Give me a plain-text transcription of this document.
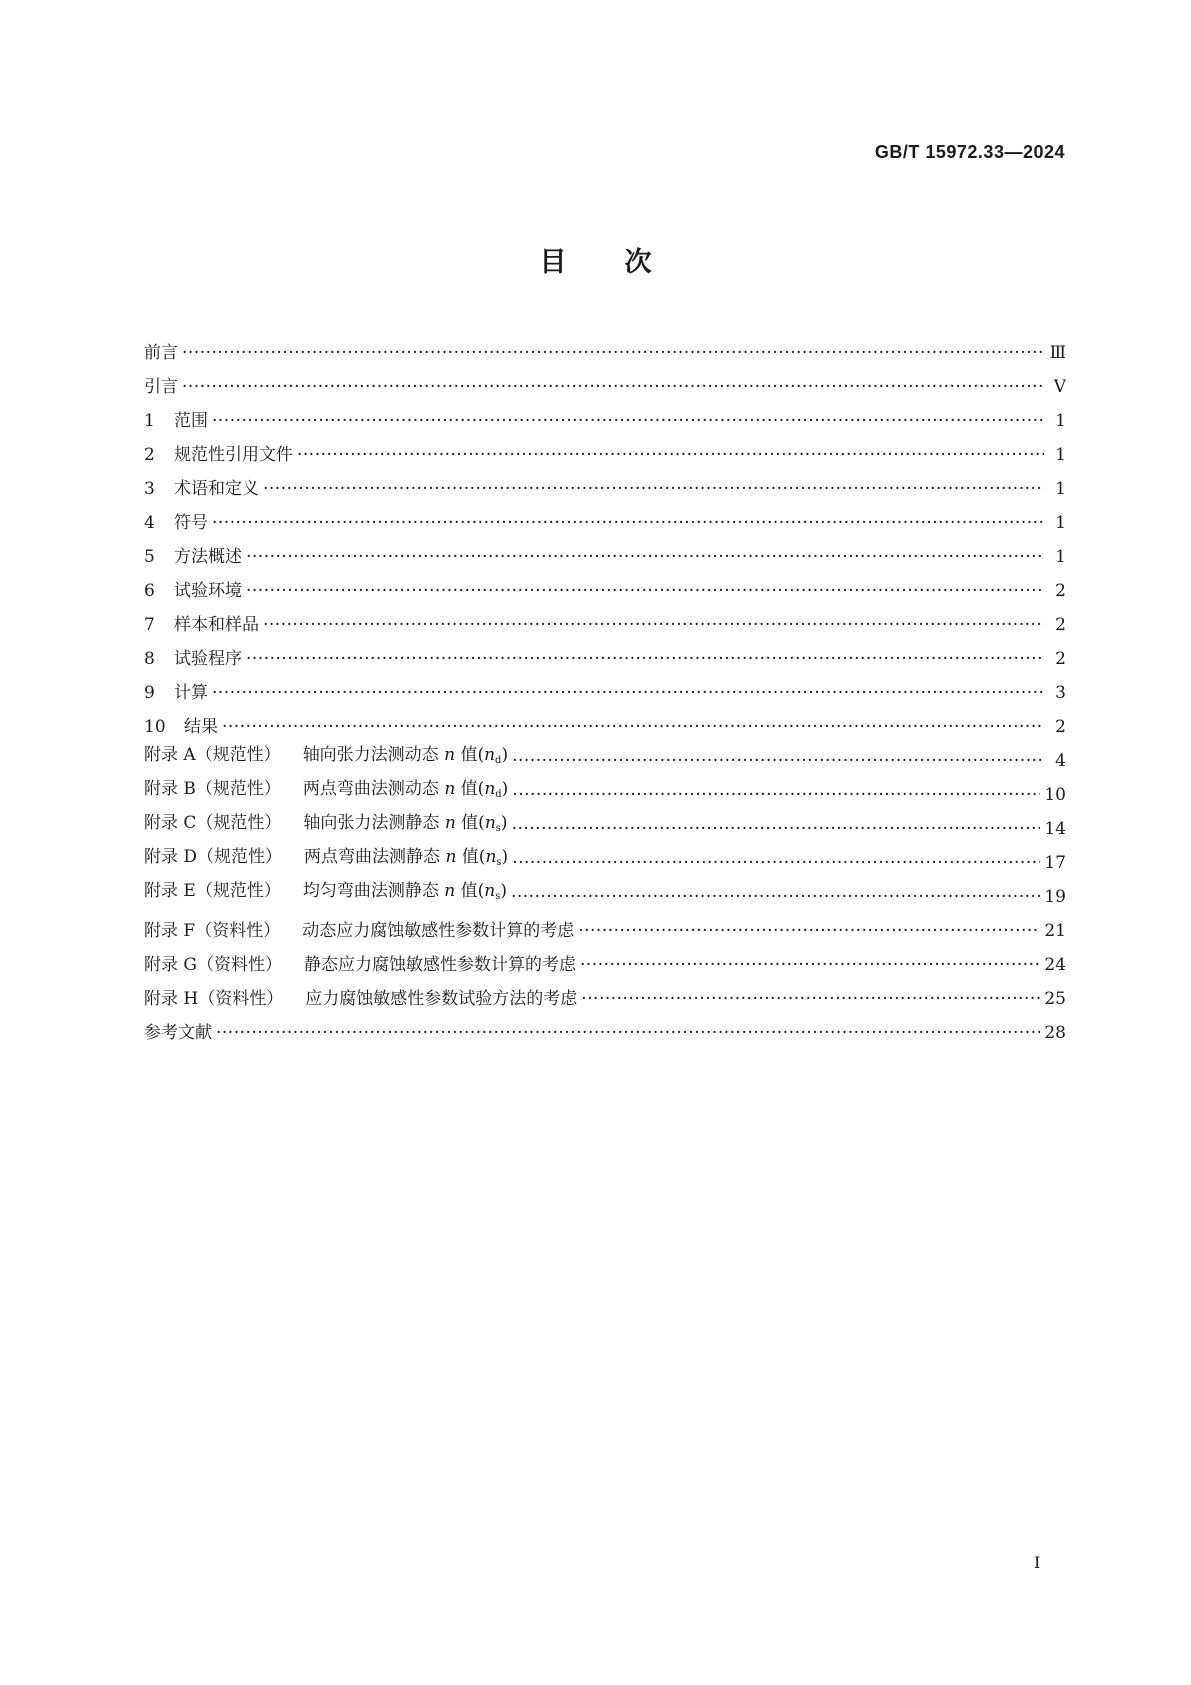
GB/T 15972.33—2024
目次
前言 ·····	Ⅲ
引言 ·····	Ⅴ
1 范围 ·····	1
2 规范性引用文件 ·····	1
3 术语和定义 ·····	1
4 符号 ·····	1
5 方法概述 ·····	1
6 试验环境 ·····	2
7 样本和样品 ·····	2
8 试验程序 ·····	2
9 计算 ·····	3
10 结果 ·····	2
附录 A（规范性） 轴向张力法测动态 n 值$(n_d)$ ·····	4
附录 B（规范性） 两点弯曲法测动态 n 值$(n_d)$ ·····	10
附录 C（规范性） 轴向张力法测静态 n 值$(n_s)$ ·····	14
附录 D（规范性） 两点弯曲法测静态 n 值$(n_s)$ ·····	17
附录 E（规范性） 均匀弯曲法测静态 n 值$(n_s)$ ·····	19
附录 F（资料性） 动态应力腐蚀敏感性参数计算的考虑 ·····	21
附录 G（资料性） 静态应力腐蚀敏感性参数计算的考虑 ·····	24
附录 H（资料性） 应力腐蚀敏感性参数试验方法的考虑 ·····	25
参考文献 ·····	28
I
